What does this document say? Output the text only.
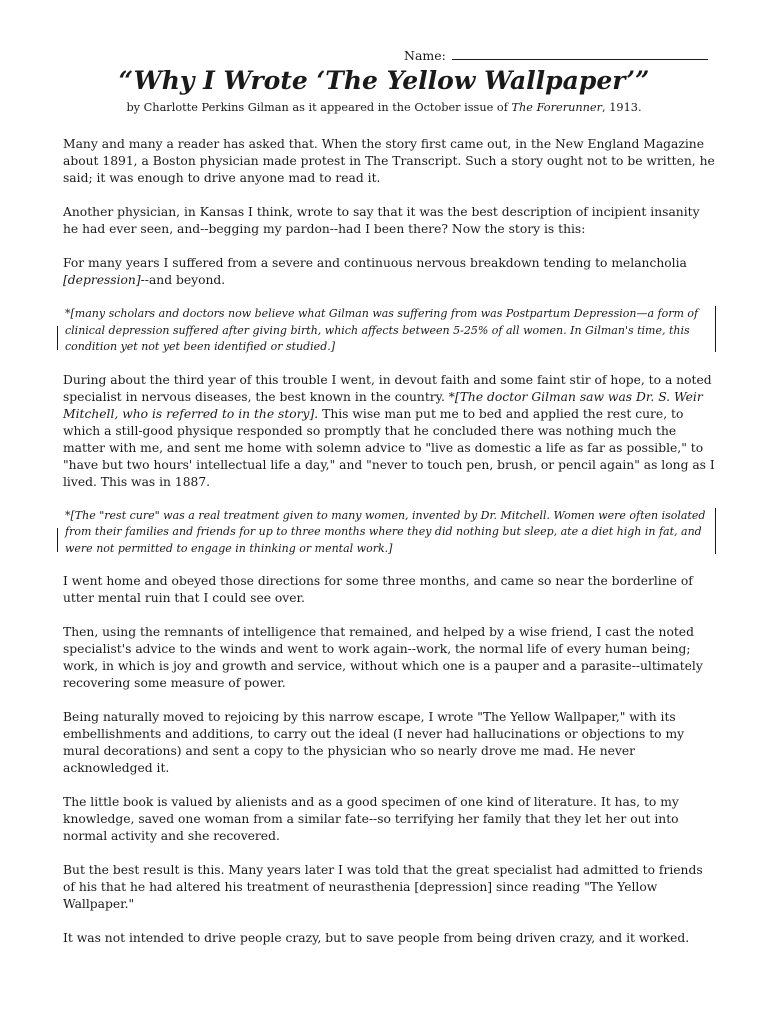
Name:
“Why I Wrote ‘The Yellow Wallpaper’”
by Charlotte Perkins Gilman as it appeared in the October issue of The Forerunner, 1913.

Many and many a reader has asked that. When the story first came out, in the New England Magazine about 1891, a Boston physician made protest in The Transcript. Such a story ought not to be written, he said; it was enough to drive anyone mad to read it.

Another physician, in Kansas I think, wrote to say that it was the best description of incipient insanity he had ever seen, and--begging my pardon--had I been there? Now the story is this:

For many years I suffered from a severe and continuous nervous breakdown tending to melancholia [depression]--and beyond.

*[many scholars and doctors now believe what Gilman was suffering from was Postpartum Depression—a form of clinical depression suffered after giving birth, which affects between 5-25% of all women. In Gilman's time, this condition yet not yet been identified or studied.]

During about the third year of this trouble I went, in devout faith and some faint stir of hope, to a noted specialist in nervous diseases, the best known in the country. *[The doctor Gilman saw was Dr. S. Weir Mitchell, who is referred to in the story]. This wise man put me to bed and applied the rest cure, to which a still-good physique responded so promptly that he concluded there was nothing much the matter with me, and sent me home with solemn advice to "live as domestic a life as far as possible," to "have but two hours' intellectual life a day," and "never to touch pen, brush, or pencil again" as long as I lived. This was in 1887.

*[The "rest cure" was a real treatment given to many women, invented by Dr. Mitchell. Women were often isolated from their families and friends for up to three months where they did nothing but sleep, ate a diet high in fat, and were not permitted to engage in thinking or mental work.]

I went home and obeyed those directions for some three months, and came so near the borderline of utter mental ruin that I could see over.

Then, using the remnants of intelligence that remained, and helped by a wise friend, I cast the noted specialist's advice to the winds and went to work again--work, the normal life of every human being; work, in which is joy and growth and service, without which one is a pauper and a parasite--ultimately recovering some measure of power.

Being naturally moved to rejoicing by this narrow escape, I wrote "The Yellow Wallpaper," with its embellishments and additions, to carry out the ideal (I never had hallucinations or objections to my mural decorations) and sent a copy to the physician who so nearly drove me mad. He never acknowledged it.

The little book is valued by alienists and as a good specimen of one kind of literature. It has, to my knowledge, saved one woman from a similar fate--so terrifying her family that they let her out into normal activity and she recovered.

But the best result is this. Many years later I was told that the great specialist had admitted to friends of his that he had altered his treatment of neurasthenia [depression] since reading "The Yellow Wallpaper."

It was not intended to drive people crazy, but to save people from being driven crazy, and it worked.
